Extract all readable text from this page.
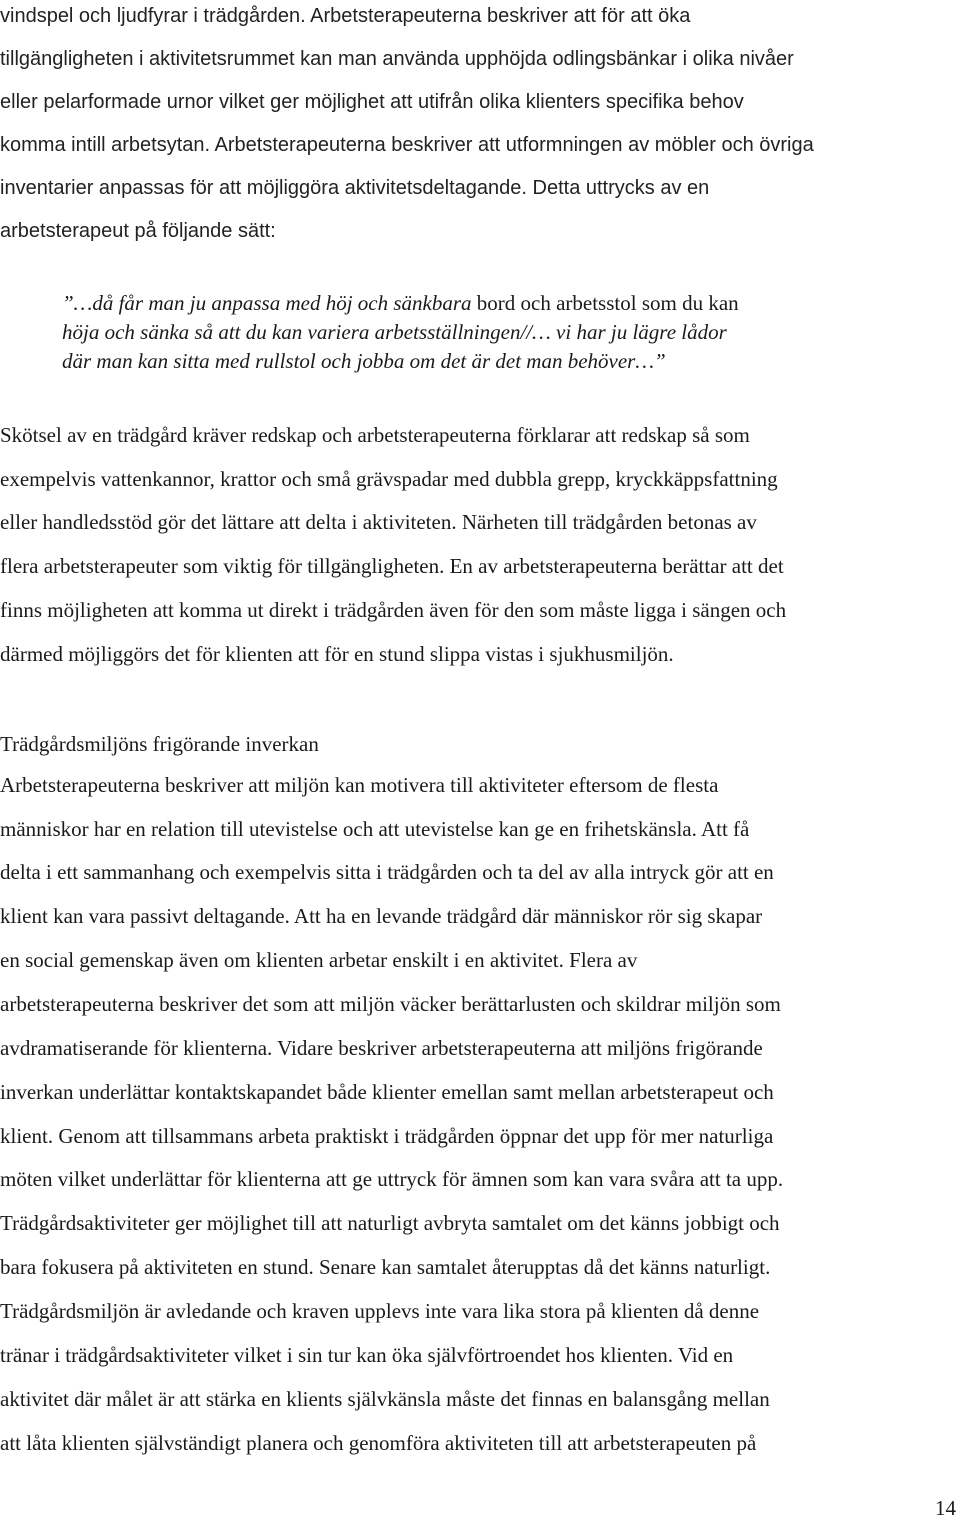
vindspel och ljudfyrar i trädgården. Arbetsterapeuterna beskriver att för att öka
tillgängligheten i aktivitetsrummet kan man använda upphöjda odlingsbänkar i olika nivåer
eller pelarformade urnor vilket ger möjlighet att utifrån olika klienters specifika behov
komma intill arbetsytan. Arbetsterapeuterna beskriver att utformningen av möbler och övriga
inventarier anpassas för att möjliggöra aktivitetsdeltagande. Detta uttrycks av en
arbetsterapeut på följande sätt:
”…då får man ju anpassa med höj och sänkbara bord och arbetsstol som du kan
höja och sänka så att du kan variera arbetsställningen//… vi har ju lägre lådor
där man kan sitta med rullstol och jobba om det är det man behöver…”
Skötsel av en trädgård kräver redskap och arbetsterapeuterna förklarar att redskap så som
exempelvis vattenkannor, krattor och små grävspadar med dubbla grepp, kryckkäppsfattning
eller handledsstöd gör det lättare att delta i aktiviteten. Närheten till trädgården betonas av
flera arbetsterapeuter som viktig för tillgängligheten. En av arbetsterapeuterna berättar att det
finns möjligheten att komma ut direkt i trädgården även för den som måste ligga i sängen och
därmed möjliggörs det för klienten att för en stund slippa vistas i sjukhusmiljön.
Trädgårdsmiljöns frigörande inverkan
Arbetsterapeuterna beskriver att miljön kan motivera till aktiviteter eftersom de flesta
människor har en relation till utevistelse och att utevistelse kan ge en frihetskänsla. Att få
delta i ett sammanhang och exempelvis sitta i trädgården och ta del av alla intryck gör att en
klient kan vara passivt deltagande. Att ha en levande trädgård där människor rör sig skapar
en social gemenskap även om klienten arbetar enskilt i en aktivitet. Flera av
arbetsterapeuterna beskriver det som att miljön väcker berättarlusten och skildrar miljön som
avdramatiserande för klienterna. Vidare beskriver arbetsterapeuterna att miljöns frigörande
inverkan underlättar kontaktskapandet både klienter emellan samt mellan arbetsterapeut och
klient. Genom att tillsammans arbeta praktiskt i trädgården öppnar det upp för mer naturliga
möten vilket underlättar för klienterna att ge uttryck för ämnen som kan vara svåra att ta upp.
Trädgårdsaktiviteter ger möjlighet till att naturligt avbryta samtalet om det känns jobbigt och
bara fokusera på aktiviteten en stund. Senare kan samtalet återupptas då det känns naturligt.
Trädgårdsmiljön är avledande och kraven upplevs inte vara lika stora på klienten då denne
tränar i trädgårdsaktiviteter vilket i sin tur kan öka självförtroendet hos klienten. Vid en
aktivitet där målet är att stärka en klients självkänsla måste det finnas en balansgång mellan
att låta klienten självständigt planera och genomföra aktiviteten till att arbetsterapeuten på
14
